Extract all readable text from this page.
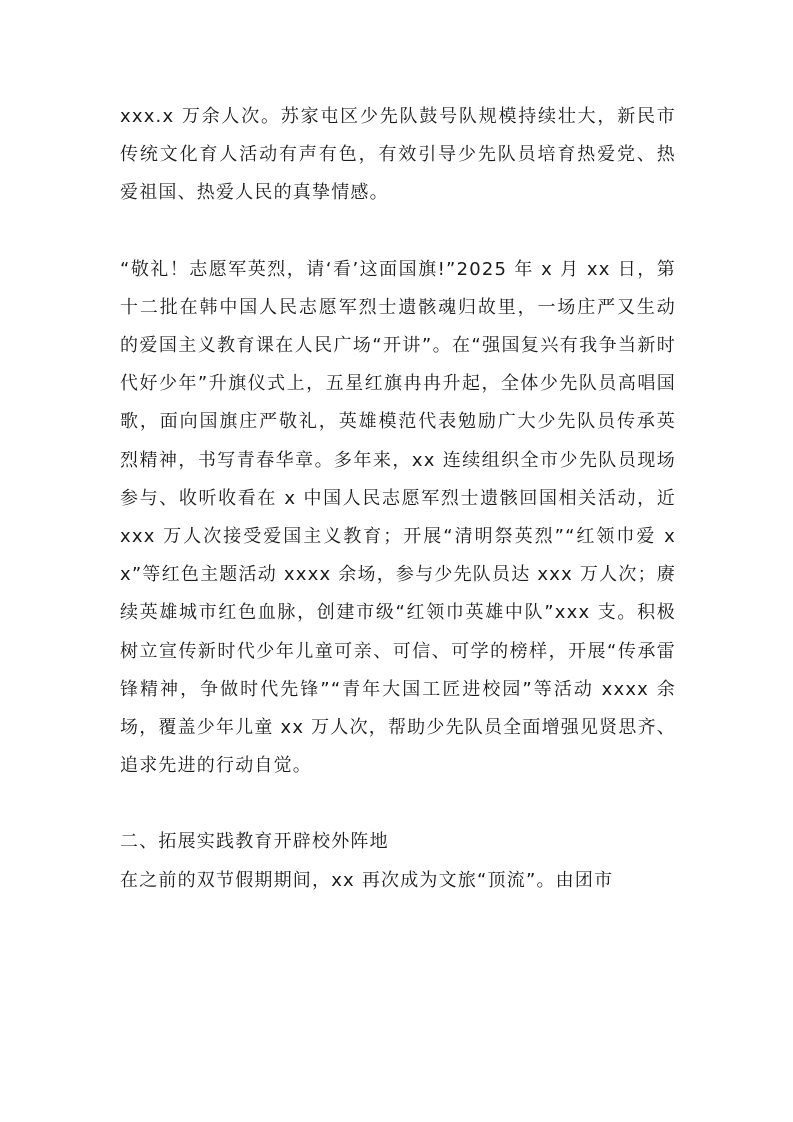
xxx.x 万余人次。苏家屯区少先队鼓号队规模持续壮大，新民市传统文化育人活动有声有色，有效引导少先队员培育热爱党、热爱祖国、热爱人民的真挚情感。

“敬礼！志愿军英烈，请‘看’这面国旗!”2025 年 x 月 xx 日，第十二批在韩中国人民志愿军烈士遗骸魂归故里，一场庄严又生动的爱国主义教育课在人民广场“开讲”。在“强国复兴有我争当新时代好少年”升旗仪式上，五星红旗冉冉升起，全体少先队员高唱国歌，面向国旗庄严敬礼，英雄模范代表勉励广大少先队员传承英烈精神，书写青春华章。多年来，xx 连续组织全市少先队员现场参与、收听收看在 x 中国人民志愿军烈士遗骸回国相关活动，近 xxx 万人次接受爱国主义教育；开展“清明祭英烈”“红领巾爱 xx”等红色主题活动 xxxx 余场，参与少先队员达 xxx 万人次；赓续英雄城市红色血脉，创建市级“红领巾英雄中队”xxx 支。积极树立宣传新时代少年儿童可亲、可信、可学的榜样，开展“传承雷锋精神，争做时代先锋”“青年大国工匠进校园”等活动 xxxx 余场，覆盖少年儿童 xx 万人次，帮助少先队员全面增强见贤思齐、追求先进的行动自觉。

二、拓展实践教育开辟校外阵地

在之前的双节假期期间，xx 再次成为文旅“顶流”。由团市
